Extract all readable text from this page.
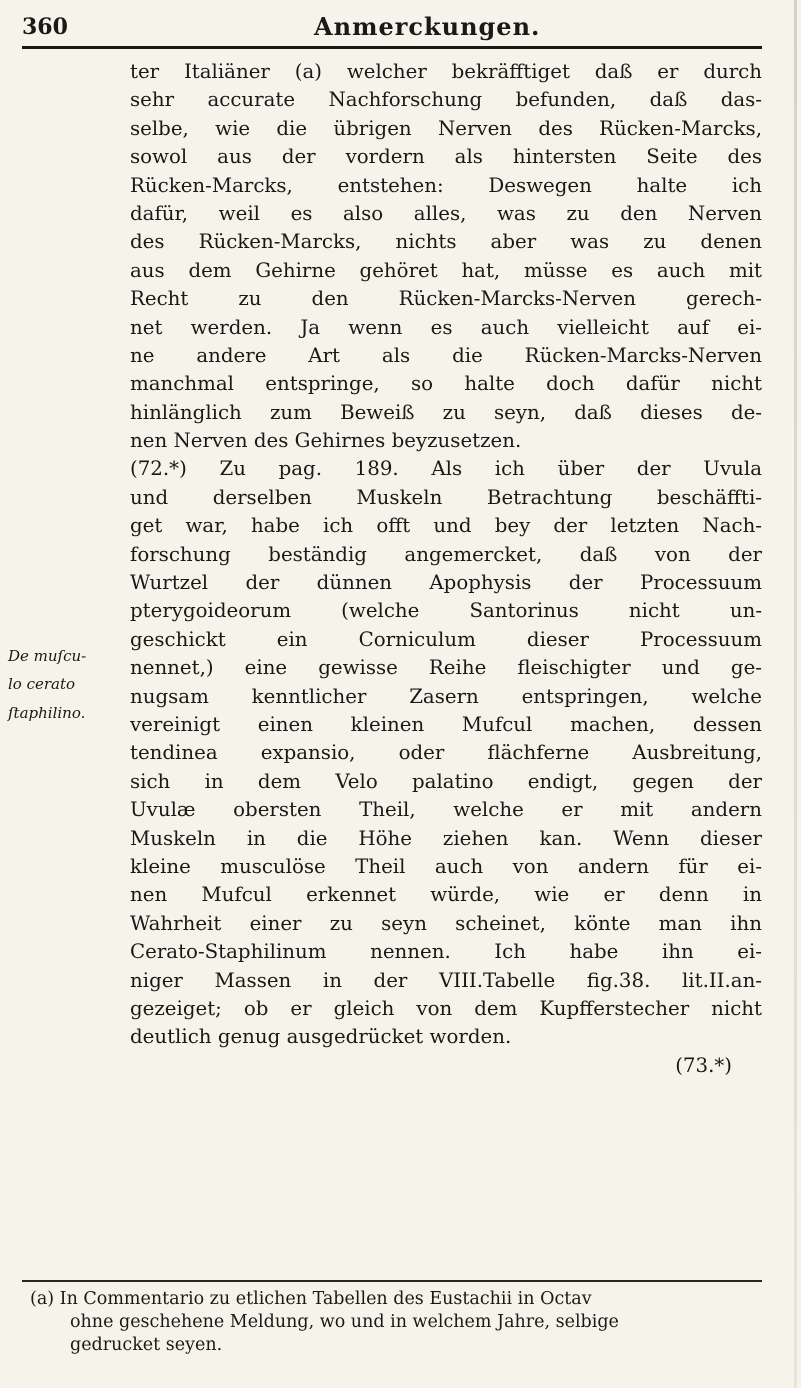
360	Anmerckungen.
De muſcu-
lo cerato
ſtaphilino.
ter Italiäner (a) welcher bekräfftiget daß er durch
sehr accurate Nachforschung befunden, daß das-
selbe, wie die übrigen Nerven des Rücken-Marcks,
sowol aus der vordern als hintersten Seite des
Rücken-Marcks, entstehen: Deswegen halte ich
dafür, weil es also alles, was zu den Nerven
des Rücken-Marcks, nichts aber was zu denen
aus dem Gehirne gehöret hat, müsse es auch mit
Recht zu den Rücken-Marcks-Nerven gerech-
net werden. Ja wenn es auch vielleicht auf ei-
ne andere Art als die Rücken-Marcks-Nerven
manchmal entspringe, so halte doch dafür nicht
hinlänglich zum Beweiß zu seyn, daß dieses de-
nen Nerven des Gehirnes beyzusetzen.
(72.*) Zu pag. 189. Als ich über der Uvula
und derselben Muskeln Betrachtung beschäffti-
get war, habe ich offt und bey der letzten Nach-
forschung beständig angemercket, daß von der
Wurtzel der dünnen Apophysis der Processuum
pterygoideorum (welche Santorinus nicht un-
geschickt ein Corniculum dieser Processuum
nennet,) eine gewisse Reihe fleischigter und ge-
nugsam kenntlicher Zasern entspringen, welche
vereinigt einen kleinen Mufcul machen, dessen
tendinea expansio, oder flächferne Ausbreitung,
sich in dem Velo palatino endigt, gegen der
Uvulæ obersten Theil, welche er mit andern
Muskeln in die Höhe ziehen kan. Wenn dieser
kleine musculöse Theil auch von andern für ei-
nen Mufcul erkennet würde, wie er denn in
Wahrheit einer zu seyn scheinet, könte man ihn
Cerato-Staphilinum nennen. Ich habe ihn ei-
niger Massen in der VIII.Tabelle fig.38. lit.II.an-
gezeiget; ob er gleich von dem Kupfferstecher nicht
deutlich genug ausgedrücket worden.
(73.*)
(a) In Commentario zu etlichen Tabellen des Eustachii in Octav
ohne geschehene Meldung, wo und in welchem Jahre, selbige
gedrucket seyen.
